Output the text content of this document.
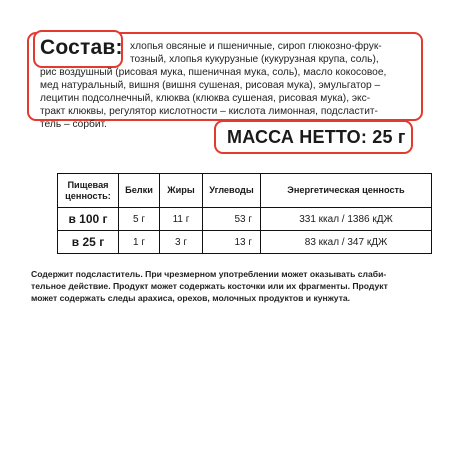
Состав: хлопья овсяные и пшеничные, сироп глюкозно-фрук-
тозный, хлопья кукурузные (кукурузная крупа, соль),
рис воздушный (рисовая мука, пшеничная мука, соль), масло кокосовое,
мед натуральный, вишня (вишня сушеная, рисовая мука), эмульгатор –
лецитин подсолнечный, клюква (клюква сушеная, рисовая мука), экс-
тракт клюквы, регулятор кислотности – кислота лимонная, подсластит-
тель – сорбит.
МАССА НЕТТО: 25 г
Пищевая ценность:	Белки	Жиры	Углеводы	Энергетическая ценность
в 100 г	5 г	11 г	53 г	331 ккал / 1386 кДЖ
в 25 г	1 г	3 г	13 г	83 ккал / 347 кДЖ
Содержит подсластитель. При чрезмерном употреблении может оказывать слаби-
тельное действие. Продукт может содержать косточки или их фрагменты. Продукт
может содержать следы арахиса, орехов, молочных продуктов и кунжута.
